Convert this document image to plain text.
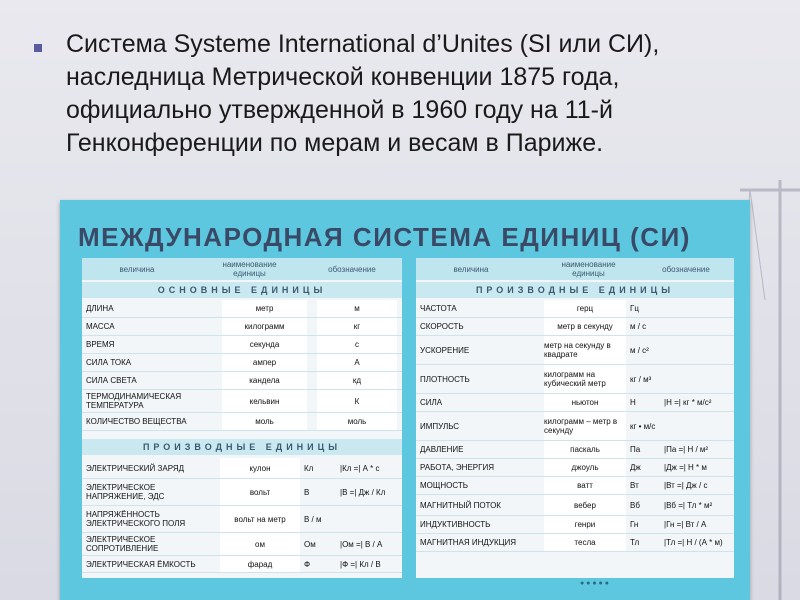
Система Systeme International d’Unites (SI или СИ), наследница Метрической конвенции 1875 года, официально утвержденной в 1960 году на 11-й Генконференции по мерам и весам в Париже.
МЕЖДУНАРОДНАЯ СИСТЕМА ЕДИНИЦ (СИ)
величина
наименование единицы	обозначение
ОСНОВНЫЕ ЕДИНИЦЫ
ДЛИНА	метр	м
МАССА	килограмм	кг
ВРЕМЯ	секунда	с
СИЛА ТОКА	ампер	А
СИЛА СВЕТА	кандела	кд
ТЕРМОДИНАМИЧЕСКАЯ ТЕМПЕРАТУРА	кельвин	К
КОЛИЧЕСТВО ВЕЩЕСТВА	моль	моль
ПРОИЗВОДНЫЕ ЕДИНИЦЫ
ЭЛЕКТРИЧЕСКИЙ ЗАРЯД	кулон	Кл	|Кл =| А * с
ЭЛЕКТРИЧЕСКОЕ НАПРЯЖЕНИЕ, ЭДС	вольт	В	|В =| Дж / Кл
НАПРЯЖЁННОСТЬ ЭЛЕКТРИЧЕСКОГО ПОЛЯ	вольт на метр	В / м
ЭЛЕКТРИЧЕСКОЕ СОПРОТИВЛЕНИЕ	ом	Ом	|Ом =| В / А
ЭЛЕКТРИЧЕСКАЯ ЁМКОСТЬ	фарад	Ф	|Ф =| Кл / В
величина
наименование единицы	обозначение
ПРОИЗВОДНЫЕ ЕДИНИЦЫ
ЧАСТОТА	герц	Гц
СКОРОСТЬ	метр в секунду	м / с
УСКОРЕНИЕ	метр на секунду в квадрате	м / с²
ПЛОТНОСТЬ	килограмм на кубический метр	кг / м³
СИЛА	ньютон	Н	|Н =| кг * м/с²
ИМПУЛЬС	килограмм – метр в секунду	кг • м/с
ДАВЛЕНИЕ	паскаль	Па	|Па =| Н / м²
РАБОТА, ЭНЕРГИЯ	джоуль	Дж	|Дж =| Н * м
МОЩНОСТЬ	ватт	Вт	|Вт =| Дж / с
МАГНИТНЫЙ ПОТОК	вебер	Вб	|Вб =| Тл * м²
ИНДУКТИВНОСТЬ	генри	Гн	|Гн =| Вт / А
МАГНИТНАЯ ИНДУКЦИЯ	тесла	Тл	|Тл =| Н / (А * м)
● ● ● ● ●
